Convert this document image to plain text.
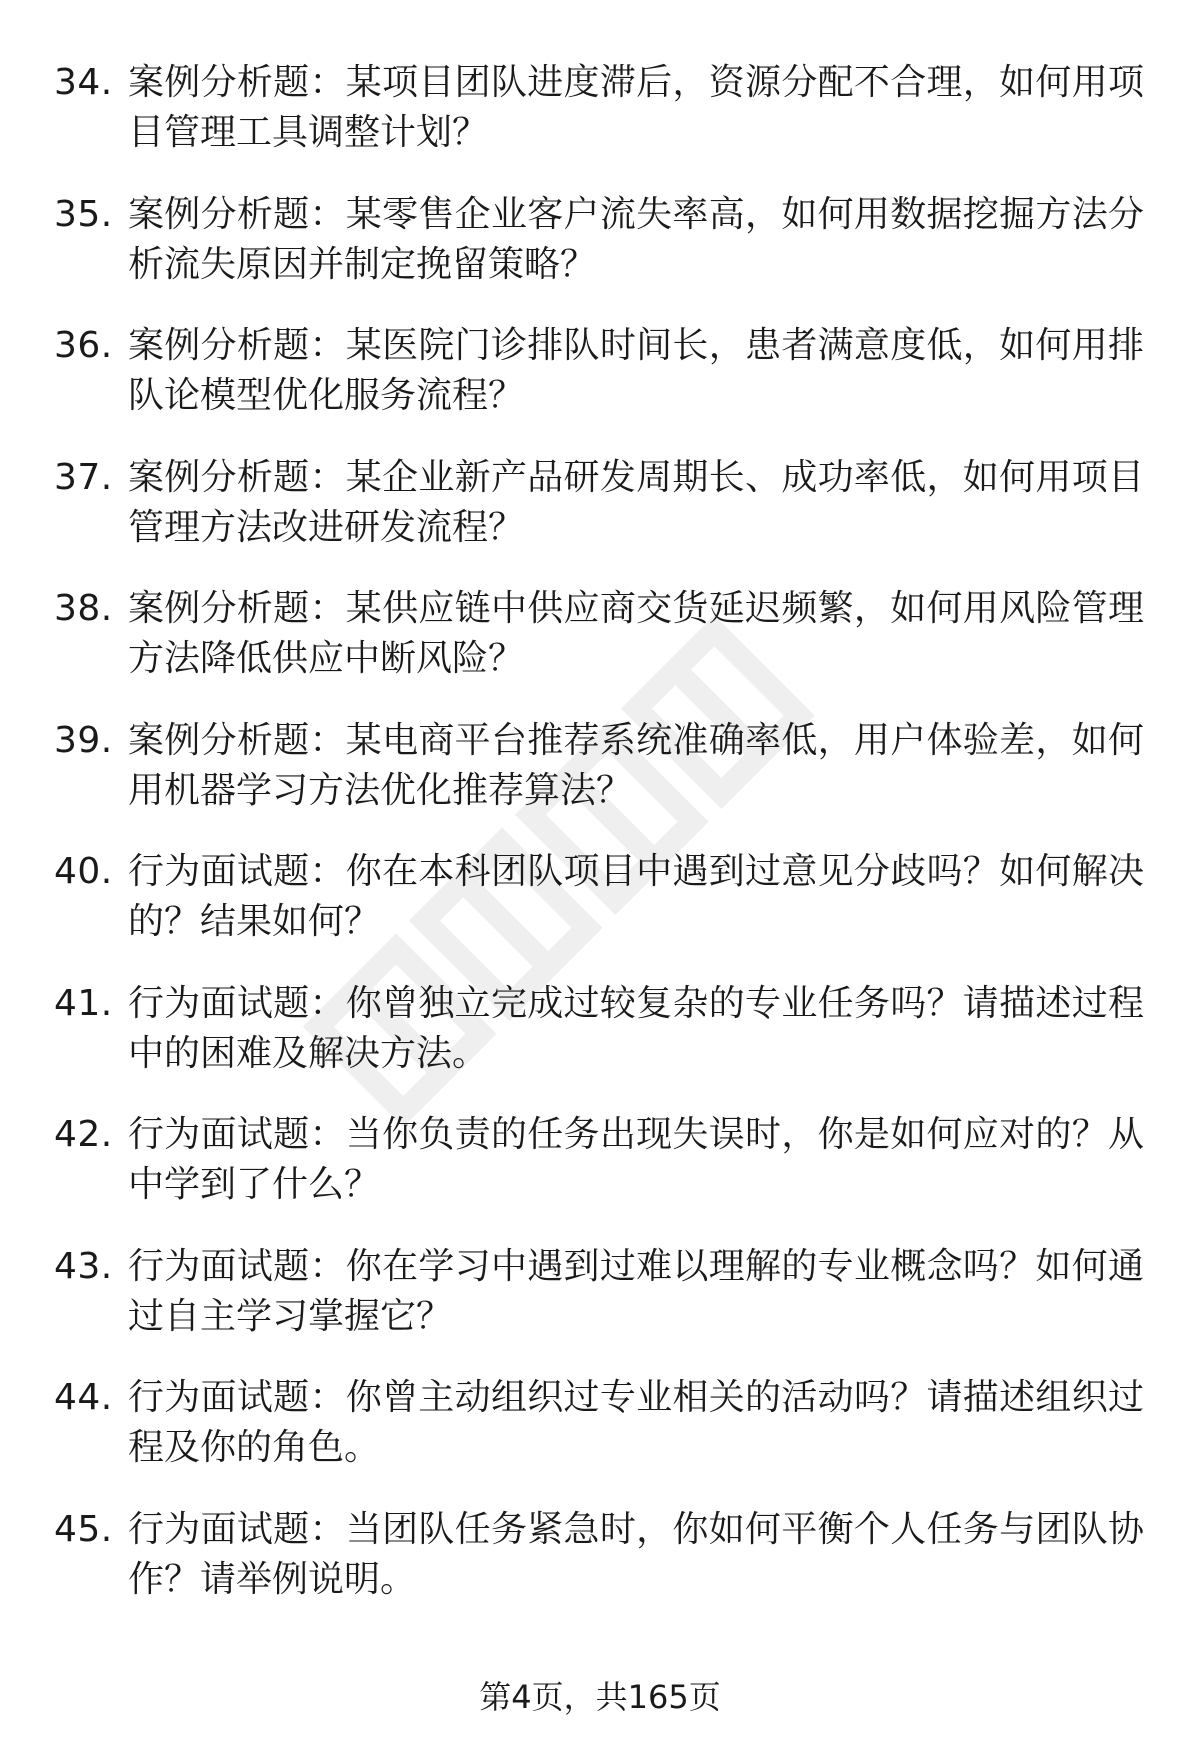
34. 案例分析题：某项目团队进度滞后，资源分配不合理，如何用项目管理工具调整计划？
35. 案例分析题：某零售企业客户流失率高，如何用数据挖掘方法分析流失原因并制定挽留策略？
36. 案例分析题：某医院门诊排队时间长，患者满意度低，如何用排队论模型优化服务流程？
37. 案例分析题：某企业新产品研发周期长、成功率低，如何用项目管理方法改进研发流程？
38. 案例分析题：某供应链中供应商交货延迟频繁，如何用风险管理方法降低供应中断风险？
39. 案例分析题：某电商平台推荐系统准确率低，用户体验差，如何用机器学习方法优化推荐算法？
40. 行为面试题：你在本科团队项目中遇到过意见分歧吗？如何解决的？结果如何？
41. 行为面试题：你曾独立完成过较复杂的专业任务吗？请描述过程中的困难及解决方法。
42. 行为面试题：当你负责的任务出现失误时，你是如何应对的？从中学到了什么？
43. 行为面试题：你在学习中遇到过难以理解的专业概念吗？如何通过自主学习掌握它？
44. 行为面试题：你曾主动组织过专业相关的活动吗？请描述组织过程及你的角色。
45. 行为面试题：当团队任务紧急时，你如何平衡个人任务与团队协作？请举例说明。
第4页，共165页
